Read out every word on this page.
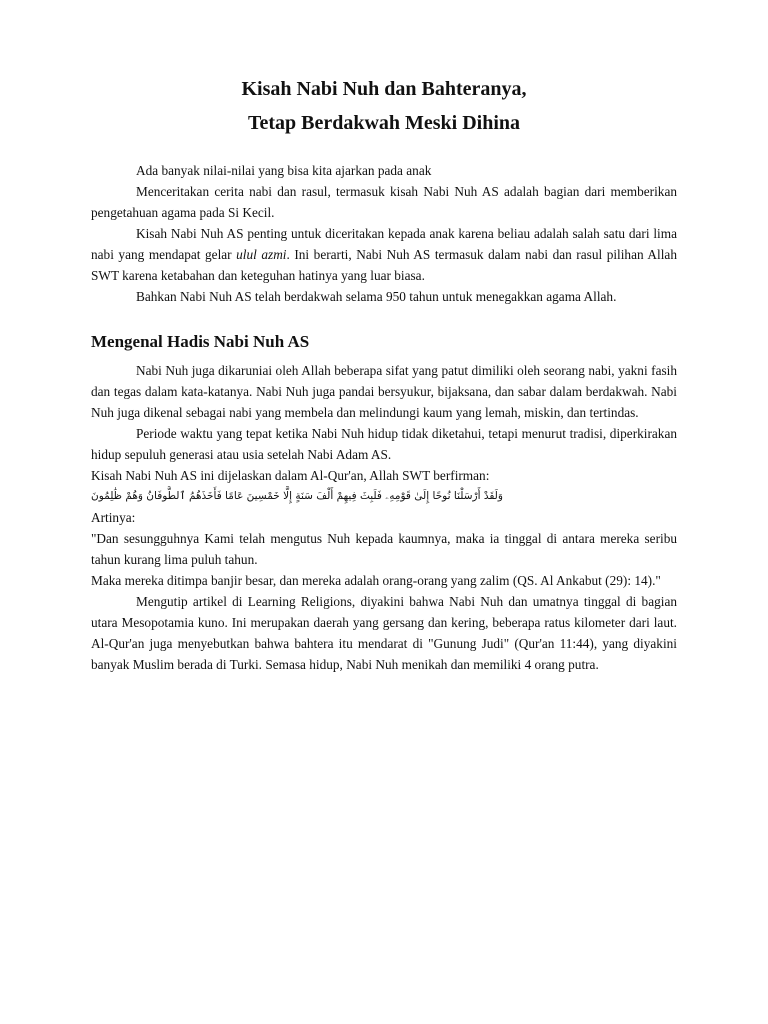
Kisah Nabi Nuh dan Bahteranya,
Tetap Berdakwah Meski Dihina

Ada banyak nilai-nilai yang bisa kita ajarkan pada anak

Menceritakan cerita nabi dan rasul, termasuk kisah Nabi Nuh AS adalah bagian dari memberikan pengetahuan agama pada Si Kecil.

Kisah Nabi Nuh AS penting untuk diceritakan kepada anak karena beliau adalah salah satu dari lima nabi yang mendapat gelar ulul azmi. Ini berarti, Nabi Nuh AS termasuk dalam nabi dan rasul pilihan Allah SWT karena ketabahan dan keteguhan hatinya yang luar biasa.

Bahkan Nabi Nuh AS telah berdakwah selama 950 tahun untuk menegakkan agama Allah.

Mengenal Hadis Nabi Nuh AS

Nabi Nuh juga dikaruniai oleh Allah beberapa sifat yang patut dimiliki oleh seorang nabi, yakni fasih dan tegas dalam kata-katanya. Nabi Nuh juga pandai bersyukur, bijaksana, dan sabar dalam berdakwah. Nabi Nuh juga dikenal sebagai nabi yang membela dan melindungi kaum yang lemah, miskin, dan tertindas.

Periode waktu yang tepat ketika Nabi Nuh hidup tidak diketahui, tetapi menurut tradisi, diperkirakan hidup sepuluh generasi atau usia setelah Nabi Adam AS.

Kisah Nabi Nuh AS ini dijelaskan dalam Al-Qur'an, Allah SWT berfirman:

وَلَقَدْ أَرْسَلْنَا نُوحًا إِلَىٰ قَوْمِهِۦ فَلَبِثَ فِيهِمْ أَلْفَ سَنَةٍ إِلَّا خَمْسِينَ عَامًا فَأَخَذَهُمُ ٱلطُّوفَانُ وَهُمْ ظَٰلِمُونَ

Artinya:

"Dan sesungguhnya Kami telah mengutus Nuh kepada kaumnya, maka ia tinggal di antara mereka seribu tahun kurang lima puluh tahun.

Maka mereka ditimpa banjir besar, dan mereka adalah orang-orang yang zalim (QS. Al Ankabut (29): 14)."

Mengutip artikel di Learning Religions, diyakini bahwa Nabi Nuh dan umatnya tinggal di bagian utara Mesopotamia kuno. Ini merupakan daerah yang gersang dan kering, beberapa ratus kilometer dari laut. Al-Qur'an juga menyebutkan bahwa bahtera itu mendarat di "Gunung Judi" (Qur'an 11:44), yang diyakini banyak Muslim berada di Turki. Semasa hidup, Nabi Nuh menikah dan memiliki 4 orang putra.
